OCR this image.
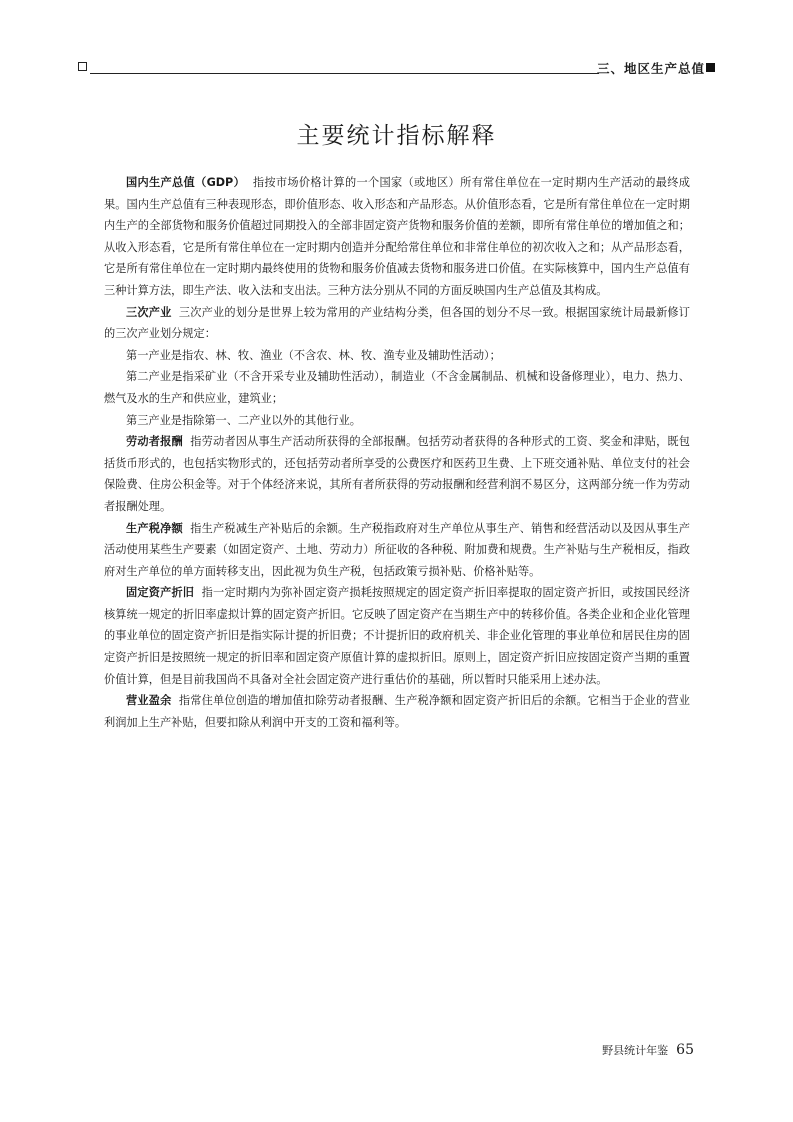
三、地区生产总值
主要统计指标解释

国内生产总值（GDP） 指按市场价格计算的一个国家（或地区）所有常住单位在一定时期内生产活动的最终成果。国内生产总值有三种表现形态，即价值形态、收入形态和产品形态。从价值形态看，它是所有常住单位在一定时期内生产的全部货物和服务价值超过同期投入的全部非固定资产货物和服务价值的差额，即所有常住单位的增加值之和；从收入形态看，它是所有常住单位在一定时期内创造并分配给常住单位和非常住单位的初次收入之和；从产品形态看，它是所有常住单位在一定时期内最终使用的货物和服务价值减去货物和服务进口价值。在实际核算中，国内生产总值有三种计算方法，即生产法、收入法和支出法。三种方法分别从不同的方面反映国内生产总值及其构成。

三次产业 三次产业的划分是世界上较为常用的产业结构分类，但各国的划分不尽一致。根据国家统计局最新修订的三次产业划分规定：

第一产业是指农、林、牧、渔业（不含农、林、牧、渔专业及辅助性活动）；

第二产业是指采矿业（不含开采专业及辅助性活动），制造业（不含金属制品、机械和设备修理业），电力、热力、燃气及水的生产和供应业，建筑业；

第三产业是指除第一、二产业以外的其他行业。

劳动者报酬 指劳动者因从事生产活动所获得的全部报酬。包括劳动者获得的各种形式的工资、奖金和津贴，既包括货币形式的，也包括实物形式的，还包括劳动者所享受的公费医疗和医药卫生费、上下班交通补贴、单位支付的社会保险费、住房公积金等。对于个体经济来说，其所有者所获得的劳动报酬和经营利润不易区分，这两部分统一作为劳动者报酬处理。

生产税净额 指生产税减生产补贴后的余额。生产税指政府对生产单位从事生产、销售和经营活动以及因从事生产活动使用某些生产要素（如固定资产、土地、劳动力）所征收的各种税、附加费和规费。生产补贴与生产税相反，指政府对生产单位的单方面转移支出，因此视为负生产税，包括政策亏损补贴、价格补贴等。

固定资产折旧 指一定时期内为弥补固定资产损耗按照规定的固定资产折旧率提取的固定资产折旧，或按国民经济核算统一规定的折旧率虚拟计算的固定资产折旧。它反映了固定资产在当期生产中的转移价值。各类企业和企业化管理的事业单位的固定资产折旧是指实际计提的折旧费；不计提折旧的政府机关、非企业化管理的事业单位和居民住房的固定资产折旧是按照统一规定的折旧率和固定资产原值计算的虚拟折旧。原则上，固定资产折旧应按固定资产当期的重置价值计算，但是目前我国尚不具备对全社会固定资产进行重估价的基础，所以暂时只能采用上述办法。

营业盈余 指常住单位创造的增加值扣除劳动者报酬、生产税净额和固定资产折旧后的余额。它相当于企业的营业利润加上生产补贴，但要扣除从利润中开支的工资和福利等。

野县统计年鉴 65
